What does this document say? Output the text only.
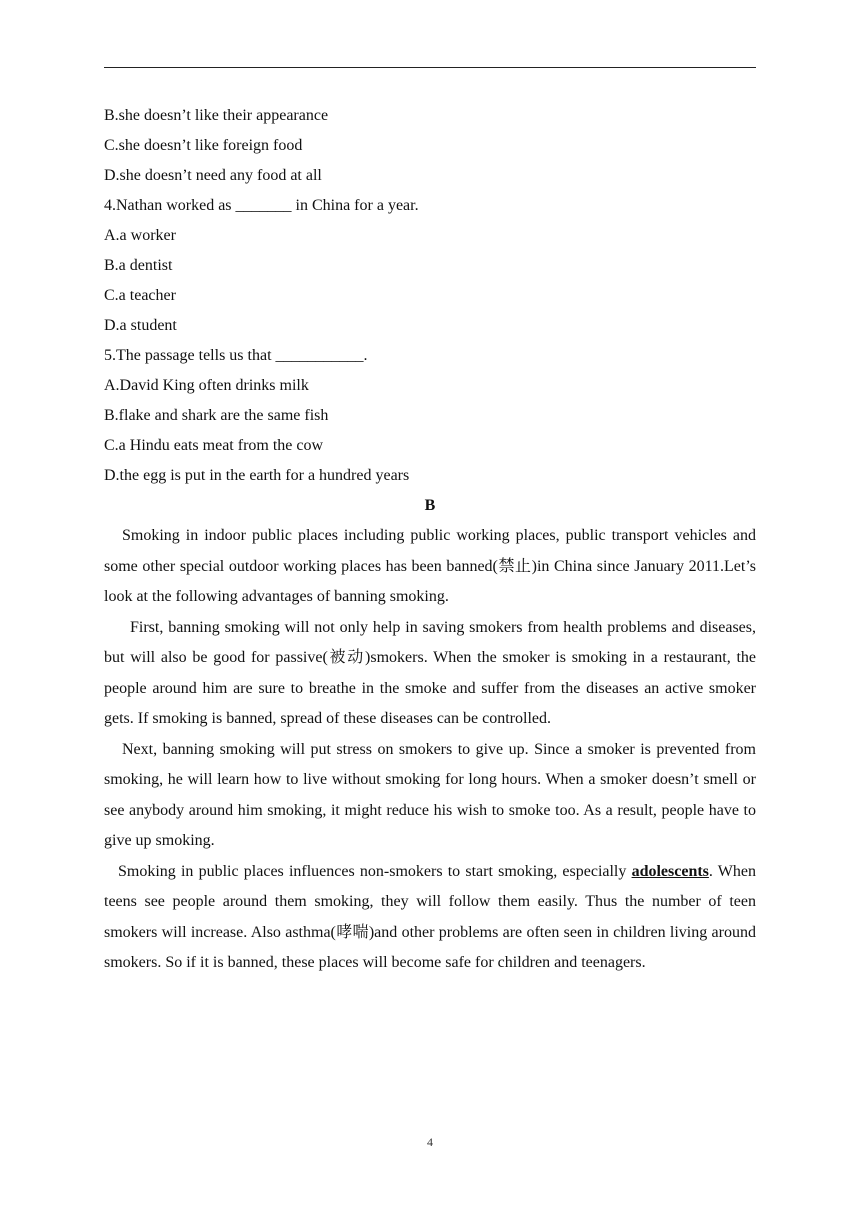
B.she doesn’t like their appearance
C.she doesn’t like foreign food
D.she doesn’t need any food at all
4.Nathan worked as _______ in China for a year.
A.a worker
B.a dentist
C.a teacher
D.a student
5.The passage tells us that ___________.
A.David King often drinks milk
B.flake and shark are the same fish
C.a Hindu eats meat from the cow
D.the egg is put in the earth for a hundred years
B

Smoking in indoor public places including public working places, public transport vehicles and some other special outdoor working places has been banned(禁止)in China since January 2011.Let’s look at the following advantages of banning smoking.

First, banning smoking will not only help in saving smokers from health problems and diseases, but will also be good for passive(被动)smokers. When the smoker is smoking in a restaurant, the people around him are sure to breathe in the smoke and suffer from the diseases an active smoker gets. If smoking is banned, spread of these diseases can be controlled.

Next, banning smoking will put stress on smokers to give up. Since a smoker is prevented from smoking, he will learn how to live without smoking for long hours. When a smoker doesn’t smell or see anybody around him smoking, it might reduce his wish to smoke too. As a result, people have to give up smoking.

Smoking in public places influences non-smokers to start smoking, especially adolescents. When teens see people around them smoking, they will follow them easily. Thus the number of teen smokers will increase. Also asthma(哮喘)and other problems are often seen in children living around smokers. So if it is banned, these places will become safe for children and teenagers.

4
